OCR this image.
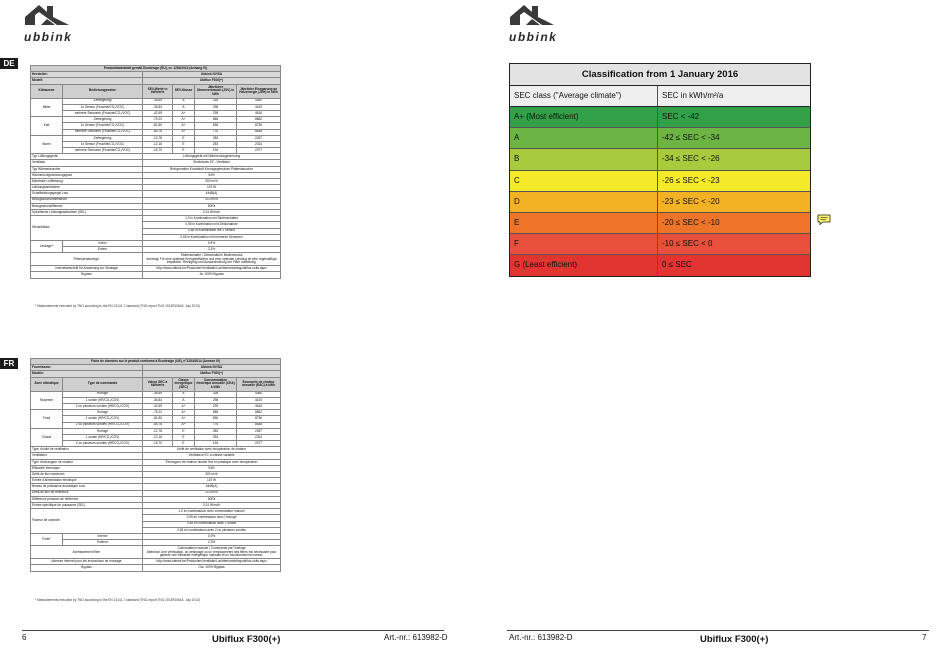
ubbink	ubbink
DE
FR
Produktdatenblatt gemäß Ecodesign (EU), nr. 1254/2014 (Anhang IV)					
Hersteller:		Ubbink NV/SA			
Modell:		Ubiflux F300(+)			
Klimazone	Bedienungsweise	SEV-Werte in kWh/m²a	SEV-Klasse	Jährlicher Stromverbrauch (JSV) in kWh	Jährliche Einsparung an Heizenergie (JEH) in kWh
Mittel	Zeitregelung	-36,69	A	328	4360
	1x Sensor (Feuchte/CO₂/VOC)	-36,84	A	298	4415
	mehrere Sensoren (Feuchte/CO₂/VOC)	-42,59	A+	239	4616
Kalt	Zeitregelung	-75,22	A+	865	8862
	1x Sensor (Feuchte/CO₂/VOC)	-81,80	A+	835	8736
	mehrere Sensoren (Feuchte/CO₂/VOC)	-85,78	A+	776	8838
Warm	Zeitregelung	-12,78	E	283	2287
	1x Sensor (Feuchte/CO₂/VOC)	-12,16	E	253	2324
	mehrere Sensoren (Feuchte/CO₂/VOC)	-15,70	E	194	2377
Typ Lüftungsgerät		Lüftungsgerät mit Wärmerückgewinnung			
Ventilator		Stufenloser EC- Ventilator			
Typ Wärmetauscher		Rekuperation Kunststoff-Kreuzgegenstrom Plattentauscher			
Wärmerückgewinnungsgrad		94%			
Maximale Luftleistung		300 m³/h			
Leistungsaufnahme		119 W			
Schallleistungspegel Lwa		44dB(A)			
Bezugsluftvolumenstrom		210 m³/h			
Bezugsdruckdifferenz		50Pa			
Spezifische Leistungsaufnahme (SEL)		0,24 W/m³/h			
Steuerfaktor:		1,0 in Kombination mit Stufenschalter			
		0,95 in Kombination mit Zeitschaltuhr			
		0,85 in Kombination mit 1 Sensor			
		0,65 in Kombination mit mehreren Sensoren			
Leckage*	Intern	0,9%			
	Extern	2,3%			
Filterwarnanzeige:		Stufenschalter / Zeitschaltuhr/ Bedienmodul
Achtung! Für eine optimale Energieeffizienz und eine optimale Leistung ist eine regelmäßige
Inspektion, Reinigung und Auswechselung der Filter notwendig.			

Internetanschrift für Anweisung zur Montage		http://www.ubbink.be/Producten/Ventilatie/Luchtbehandeling/ubiflux-units.aspx			
Bypass		Ja: 100% Bypass			
* Measurements executed by TNO according to the EN 13141-7 standard (TNO-report TNO 2013R10644, July 2013)
Fiche de données sur le produit conforme à Ecodesign (UE), n°1254/2014 (Annexe IV)					
Fournisseur:		Ubbink NV/SA			
Modèle:		Ubiflux F300(+)			
Zone climatique	Type de commande	Valeur SEC à kWh/m²a	Classe énergétique (SEC)	Consommation électrique annuelle (CEA) à kWh	Économie de chaleur annuelle (EAC) à kWh
Moyenne	Horloge	-36,69	A	328	4360
	1 sonde (HR/CO₂/COV)	-36,84	A	298	4415
	2 ou plusieurs sondes (HR/CO₂/COV)	-42,59	A+	239	4616
Froid	Horloge	-75,22	A+	865	8862
	1 sonde (HR/CO₂/COV)	-81,80	A+	835	8736
	2 ou plusieurs sondes (HR/CO₂/COV)	-85,78	A+	776	8838
Chaud	Horloge	-12,78	E	283	2287
	1 sonde (HR/CO₂/COV)	-12,16	E	253	2324
	2 ou plusieurs sondes (HR/CO₂/COV)	-15,70	E	194	2377
Type d'unité de ventilation		Unité de ventilation avec récupération de chaleur			
Ventilateur		Ventilateur EC à vitesse variable			
Type d'échangeur de chaleur		Échangeur de chaleur double flux en plastique avec récupération			
Efficacité thermique		94%			
Débit de flux maximum		300 m³/h			
Entrée d'alimentation électrique		119 W			
Niveau de puissance acoustique Lwa		44dB(A)			
Débit de flux de référence		210 m³/h			
Différence pression de référence		50Pa			
Entrée spécifique de puissance (SEL)		0,24 W/m³/h			
Facteur de contrôle:		1,0 en combinaison avec commutateur manuel			
		0,95 en combinaison avec l'horloge			
		0,85 en combinaison avec 1 sonde			
		0,65 en combinaison avec 2 ou plusieurs sondes			
Fuite*	Interne	0,9%			
	Externe	2,3%			
Avertissement filtre:		Commutateur manuel / Commande par l'horloge
Attention! Une vérification, un nettoyage ou un remplacement des filtres est nécessaire pour
garantir une efficacité énergétique optimale et un fonctionnement correct.			

Adresse internet pour les instructions de montage		http://www.ubbink.be/Producten/Ventilatie/Luchtbehandeling/ubiflux-units.aspx			
Bypass		Oui: 100% Bypass			
* Measurements executed by TNO according to the EN 13141-7 standard (TNO-report TNO 2013R10644, July 2013)
Classification from 1 January 2016
SEC class ("Average climate")	SEC in kWh/m²/a
A+ (Most efficient)	SEC < -42
A	-42 ≤ SEC < -34
B	-34 ≤ SEC < -26
C	-26 ≤ SEC < -23
D	-23 ≤ SEC < -20
E	-20 ≤ SEC < -10
F	-10 ≤ SEC < 0
G (Least efficient)	0 ≤ SEC
6	Ubiflux F300(+)	Art.-nr.: 613982-D	Art.-nr.: 613982-D	Ubiflux F300(+)	7
